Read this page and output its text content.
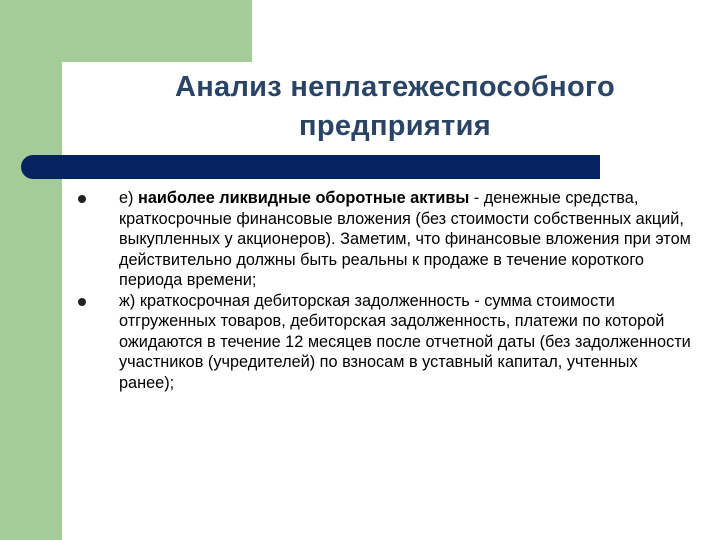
Анализ неплатежеспособного
предприятия
е) наиболее ликвидные оборотные активы - денежные средства, краткосрочные финансовые вложения (без стоимости собственных акций, выкупленных у акционеров). Заметим, что финансовые вложения при этом действительно должны быть реальны к продаже в течение короткого периода времени;
ж) краткосрочная дебиторская задолженность - сумма стоимости отгруженных товаров, дебиторская задолженность, платежи по которой ожидаются в течение 12 месяцев после отчетной даты (без задолженности участников (учредителей) по взносам в уставный капитал, учтенных ранее);
